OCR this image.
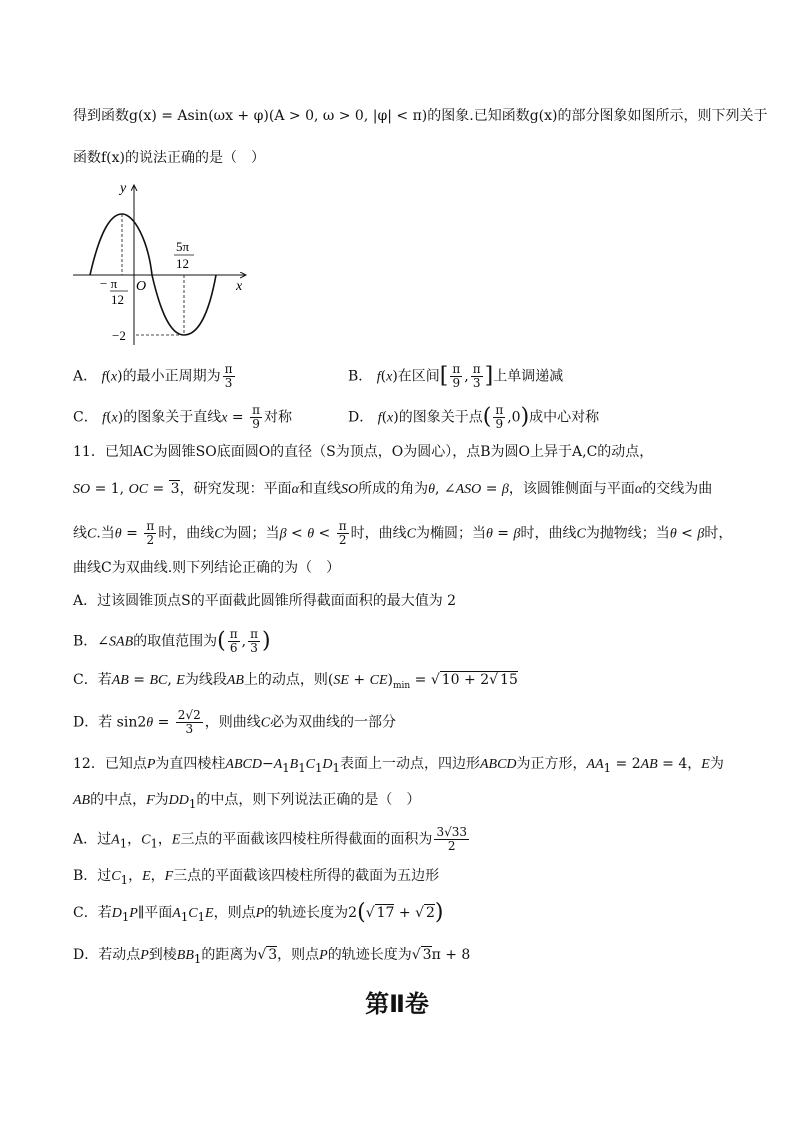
得到函数g(x) = Asin(ωx + φ)(A > 0, ω > 0, |φ| < π)的图象.已知函数g(x)的部分图象如图所示，则下列关于
函数f(x)的说法正确的是（　）
y
x
O
− π
12
5π
12
−2
A． f(x)的最小正周期为 $\frac{\pi}{3}$	B． f(x)在区间[ $\frac{\pi}{9}$ , $\frac{\pi}{3}$ ]上单调递减
C． f(x)的图象关于直线$x = \frac{\pi}{9}$ 对称	D． f(x)的图象关于点( $\frac{\pi}{9} ,0$)成中心对称
11．已知AC为圆锥SO底面圆O的直径（S为顶点，O为圆心），点B为圆O上异于A,C的动点，
SO = 1, OC = 3，研究发现：平面α和直线SO所成的角为θ, ∠ASO = β，该圆锥侧面与平面α的交线为曲
线C.当$\theta = \frac{\pi}{2}$ 时，曲线C为圆；当$\beta < \theta < \frac{\pi}{2}$ 时，曲线C为椭圆；当θ = β时，曲线C为抛物线；当θ < β时，
曲线C为双曲线.则下列结论正确的为（　）
A．过该圆锥顶点S的平面截此圆锥所得截面面积的最大值为 2
B．∠SAB的取值范围为( $\frac{\pi}{6}$ , $\frac{\pi}{3}$ )
C．若AB = BC, E为线段AB上的动点，则$(SE + CE)_{min}$ = √ 10 + 2√ 15
D．若 $\sin 2\theta = \frac{2√2}{3}$ ，则曲线C必为双曲线的一部分
12．已知点P为直四棱柱$ABCD-A_1B_1C_1D_1$表面上一动点，四边形ABCD为正方形，$AA_1 = 2AB = 4$，E为
AB的中点，F为$DD_1$的中点，则下列说法正确的是（　）
A．过$A_1$，$C_1$，E三点的平面截该四棱柱所得截面的面积为 $\frac{3√33}{2}$
B．过$C_1$，E，F三点的平面截该四棱柱所得的截面为五边形
C．若$D_1P\parallel$平面$A_1C_1E$，则点P的轨迹长度为2(√ 17 + √ 2)
D．若动点P到棱$BB_1$的距离为√ 3，则点P的轨迹长度为√ 3π + 8
第Ⅱ卷
